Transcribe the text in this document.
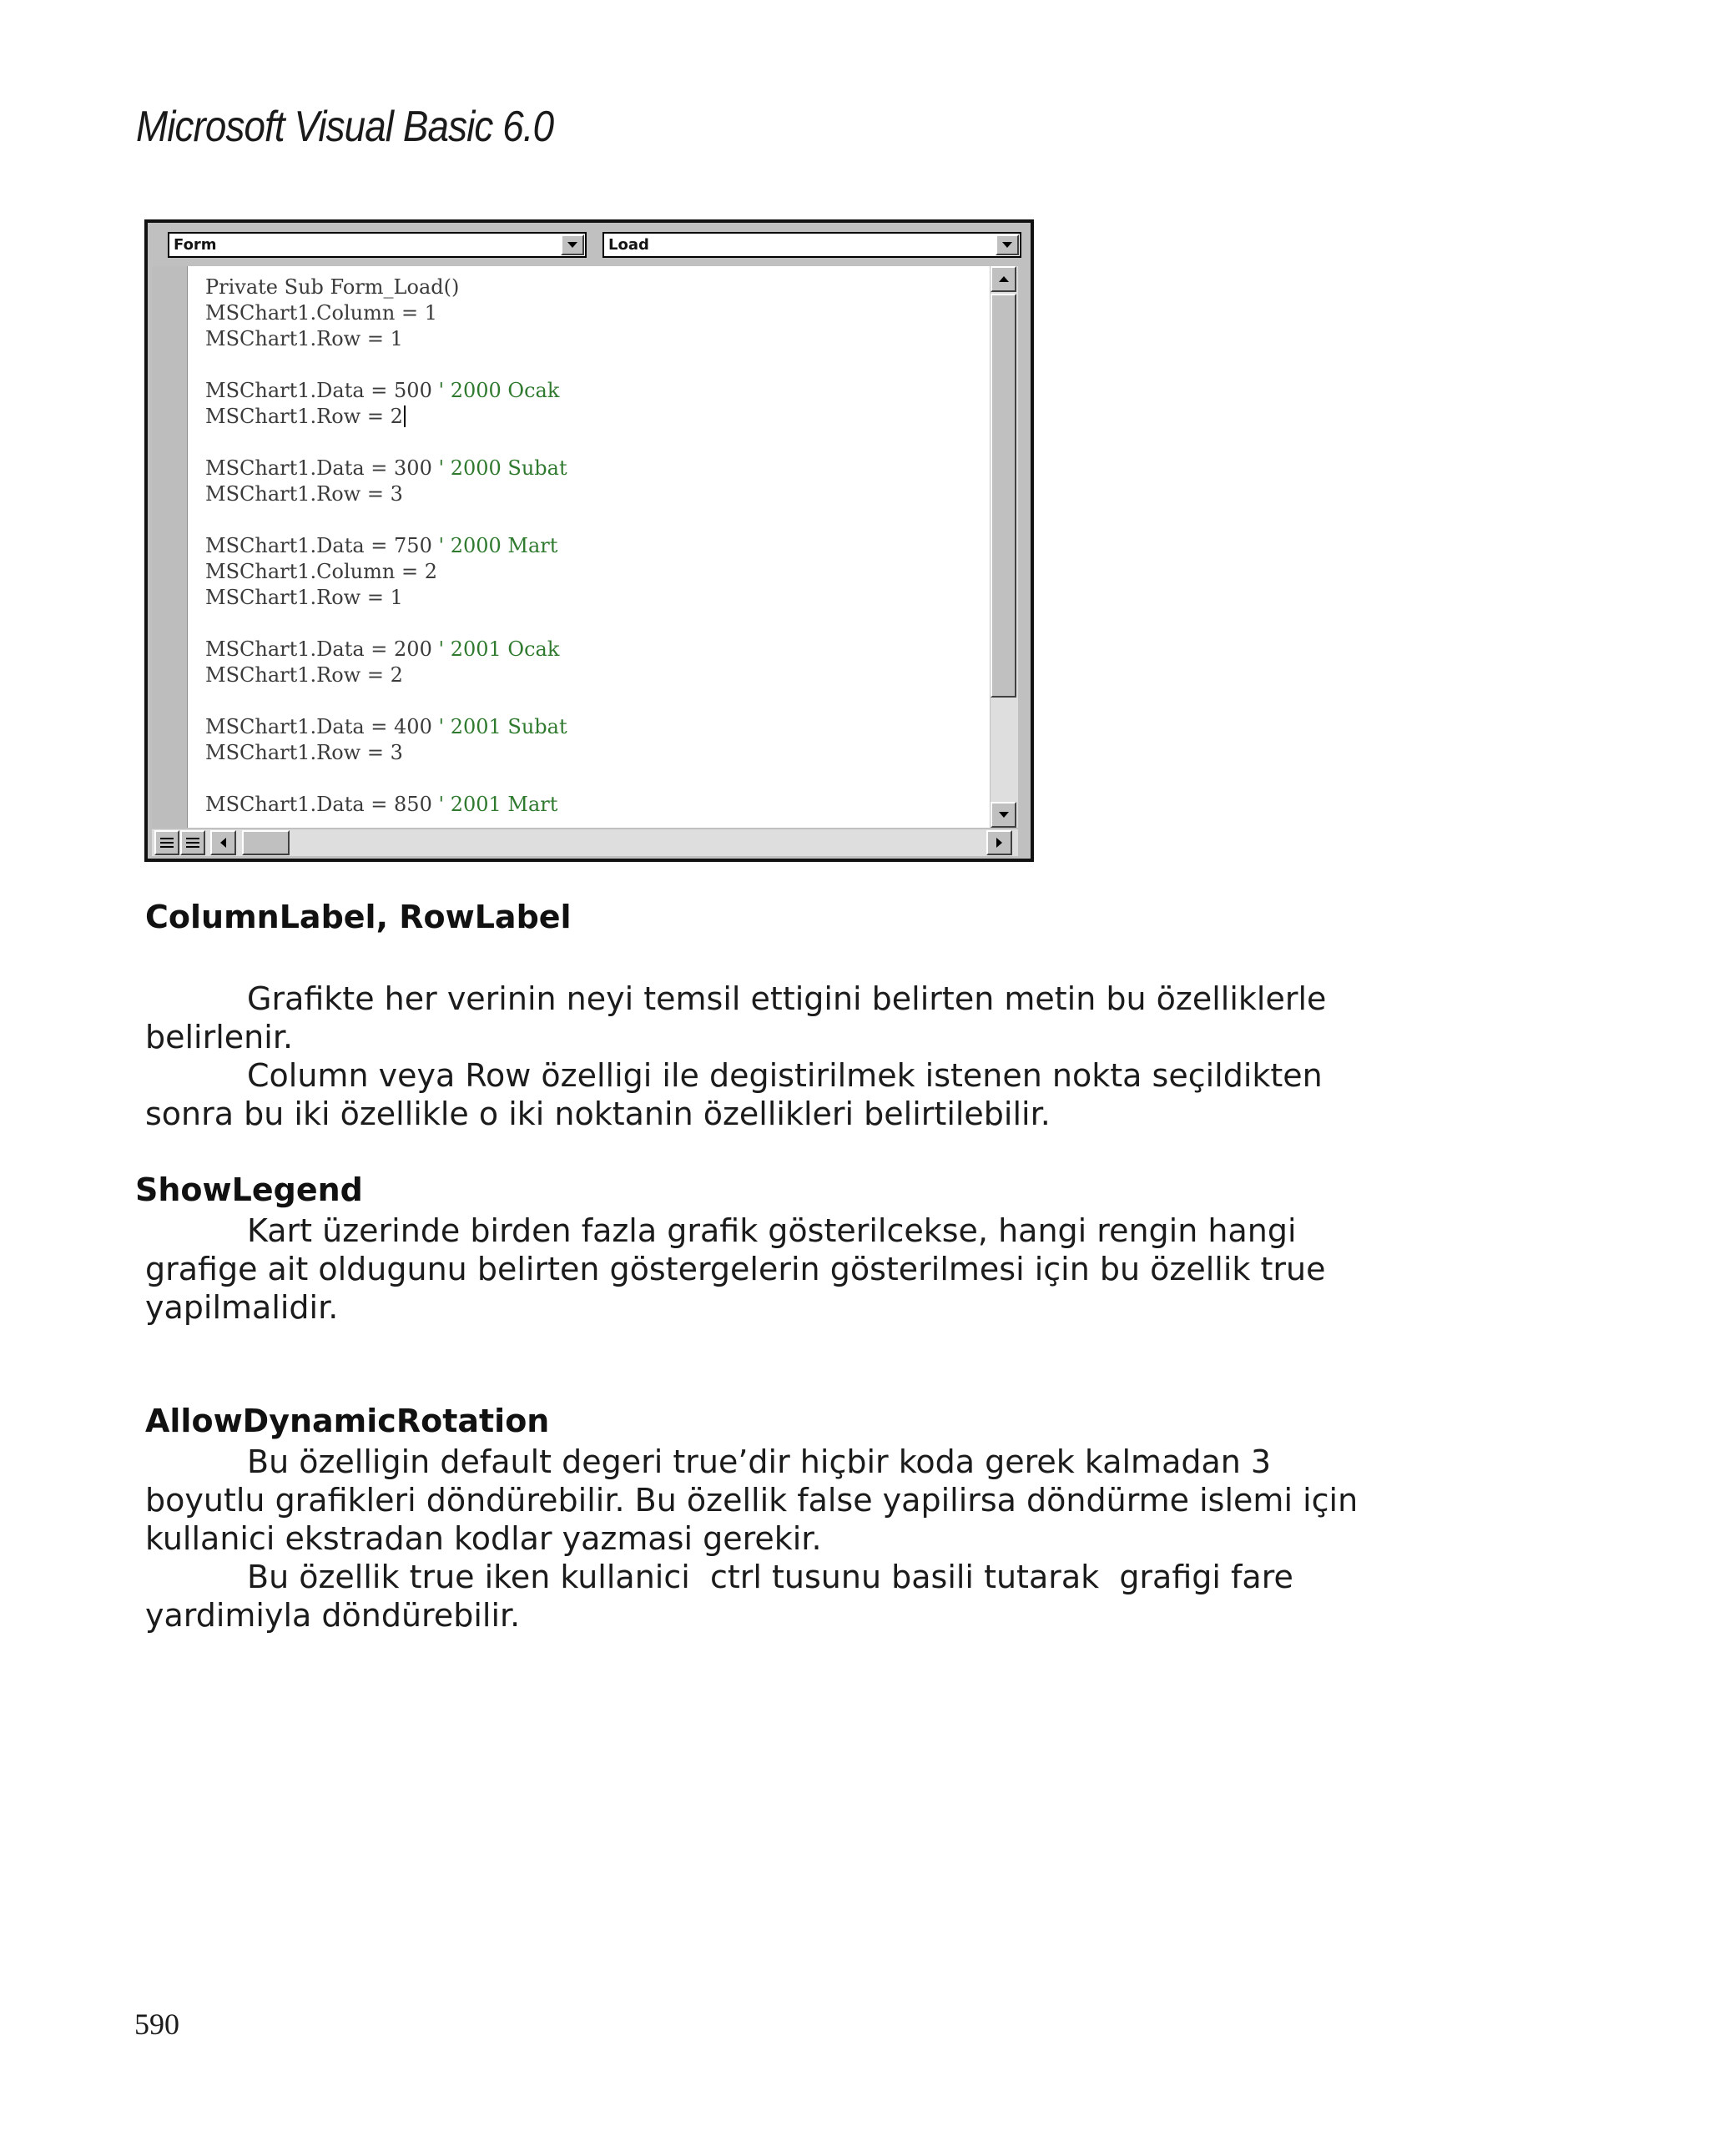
Microsoft Visual Basic 6.0
Form	Load
Private Sub Form_Load()
MSChart1.Column = 1
MSChart1.Row = 1
MSChart1.Data = 500 ' 2000 Ocak
MSChart1.Row = 2
MSChart1.Data = 300 ' 2000 Subat
MSChart1.Row = 3
MSChart1.Data = 750 ' 2000 Mart
MSChart1.Column = 2
MSChart1.Row = 1
MSChart1.Data = 200 ' 2001 Ocak
MSChart1.Row = 2
MSChart1.Data = 400 ' 2001 Subat
MSChart1.Row = 3
MSChart1.Data = 850 ' 2001 Mart
ColumnLabel, RowLabel
Grafikte her verinin neyi temsil ettigini belirten metin bu özelliklerle
belirlenir.
Column veya Row özelligi ile degistirilmek istenen nokta seçildikten
sonra bu iki özellikle o iki noktanin özellikleri belirtilebilir.
ShowLegend
Kart üzerinde birden fazla grafik gösterilcekse, hangi rengin hangi
grafige ait oldugunu belirten göstergelerin gösterilmesi için bu özellik true
yapilmalidir.
AllowDynamicRotation
Bu özelligin default degeri true’dir hiçbir koda gerek kalmadan 3
boyutlu grafikleri döndürebilir. Bu özellik false yapilirsa döndürme islemi için
kullanici ekstradan kodlar yazmasi gerekir.
Bu özellik true iken kullanici  ctrl tusunu basili tutarak  grafigi fare
yardimiyla döndürebilir.
590
